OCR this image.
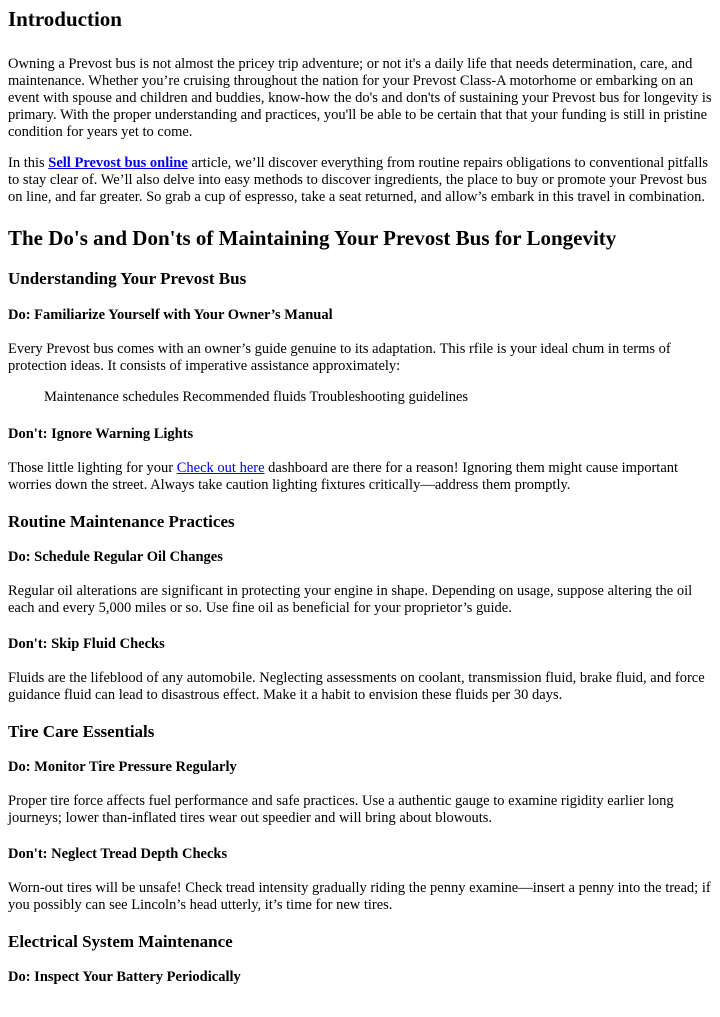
Introduction

Owning a Prevost bus is not almost the pricey trip adventure; or not it's a daily life that needs determination, care, and maintenance. Whether you’re cruising throughout the nation for your Prevost Class-A motorhome or embarking on an event with spouse and children and buddies, know-how the do's and don'ts of sustaining your Prevost bus for longevity is primary. With the proper understanding and practices, you'll be able to be certain that that your funding is still in pristine condition for years yet to come.

In this Sell Prevost bus online article, we’ll discover everything from routine repairs obligations to conventional pitfalls to stay clear of. We’ll also delve into easy methods to discover ingredients, the place to buy or promote your Prevost bus on line, and far greater. So grab a cup of espresso, take a seat returned, and allow’s embark in this travel in combination.

The Do's and Don'ts of Maintaining Your Prevost Bus for Longevity
Understanding Your Prevost Bus
Do: Familiarize Yourself with Your Owner’s Manual

Every Prevost bus comes with an owner’s guide genuine to its adaptation. This rfile is your ideal chum in terms of protection ideas. It consists of imperative assistance approximately:

Maintenance schedules Recommended fluids Troubleshooting guidelines

Don't: Ignore Warning Lights

Those little lighting for your Check out here dashboard are there for a reason! Ignoring them might cause important worries down the street. Always take caution lighting fixtures critically—address them promptly.

Routine Maintenance Practices
Do: Schedule Regular Oil Changes

Regular oil alterations are significant in protecting your engine in shape. Depending on usage, suppose altering the oil each and every 5,000 miles or so. Use fine oil as beneficial for your proprietor’s guide.

Don't: Skip Fluid Checks

Fluids are the lifeblood of any automobile. Neglecting assessments on coolant, transmission fluid, brake fluid, and force guidance fluid can lead to disastrous effect. Make it a habit to envision these fluids per 30 days.

Tire Care Essentials
Do: Monitor Tire Pressure Regularly

Proper tire force affects fuel performance and safe practices. Use a authentic gauge to examine rigidity earlier long journeys; lower than-inflated tires wear out speedier and will bring about blowouts.

Don't: Neglect Tread Depth Checks

Worn-out tires will be unsafe! Check tread intensity gradually riding the penny examine—insert a penny into the tread; if you possibly can see Lincoln’s head utterly, it’s time for new tires.

Electrical System Maintenance
Do: Inspect Your Battery Periodically
